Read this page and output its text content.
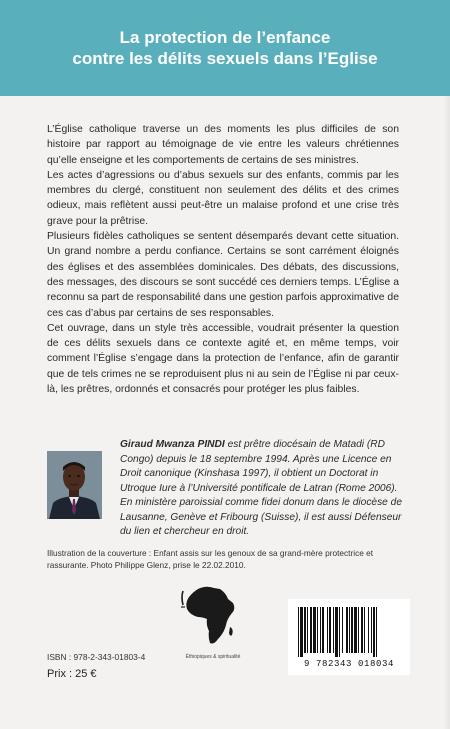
La protection de l’enfance
contre les délits sexuels dans l’Eglise

L’Église catholique traverse un des moments les plus difficiles de son histoire par rapport au témoignage de vie entre les valeurs chrétiennes qu’elle enseigne et les comportements de certains de ses ministres.

Les actes d’agressions ou d’abus sexuels sur des enfants, commis par les membres du clergé, constituent non seulement des délits et des crimes odieux, mais reflètent aussi peut-être un malaise profond et une crise très grave pour la prêtrise.

Plusieurs fidèles catholiques se sentent désemparés devant cette situation. Un grand nombre a perdu confiance. Certains se sont carrément éloignés des églises et des assemblées dominicales. Des débats, des discussions, des messages, des discours se sont succédé ces derniers temps. L’Église a reconnu sa part de responsabilité dans une gestion parfois approximative de ces cas d’abus par certains de ses responsables.

Cet ouvrage, dans un style très accessible, voudrait présenter la question de ces délits sexuels dans ce contexte agité et, en même temps, voir comment l’Église s’engage dans la protection de l’enfance, afin de garantir que de tels crimes ne se reproduisent plus ni au sein de l’Église ni par ceux-là, les prêtres, ordonnés et consacrés pour protéger les plus faibles.

Giraud Mwanza PINDI est prêtre diocésain de Matadi (RD Congo) depuis le 18 septembre 1994. Après une Licence en Droit canonique (Kinshasa 1997), il obtient un Doctorat in Utroque Iure à l’Université pontificale de Latran (Rome 2006). En ministère paroissial comme fidei donum dans le diocèse de Lausanne, Genève et Fribourg (Suisse), il est aussi Défenseur du lien et chercheur en droit.
Illustration de la couverture : Enfant assis sur les genoux de sa grand-mère protectrice et rassurante. Photo Philippe Glenz, prise le 22.02.2010.
Éthiopiques & spiritualité
ISBN : 978-2-343-01803-4
Prix : 25 €
9 782343 018034
